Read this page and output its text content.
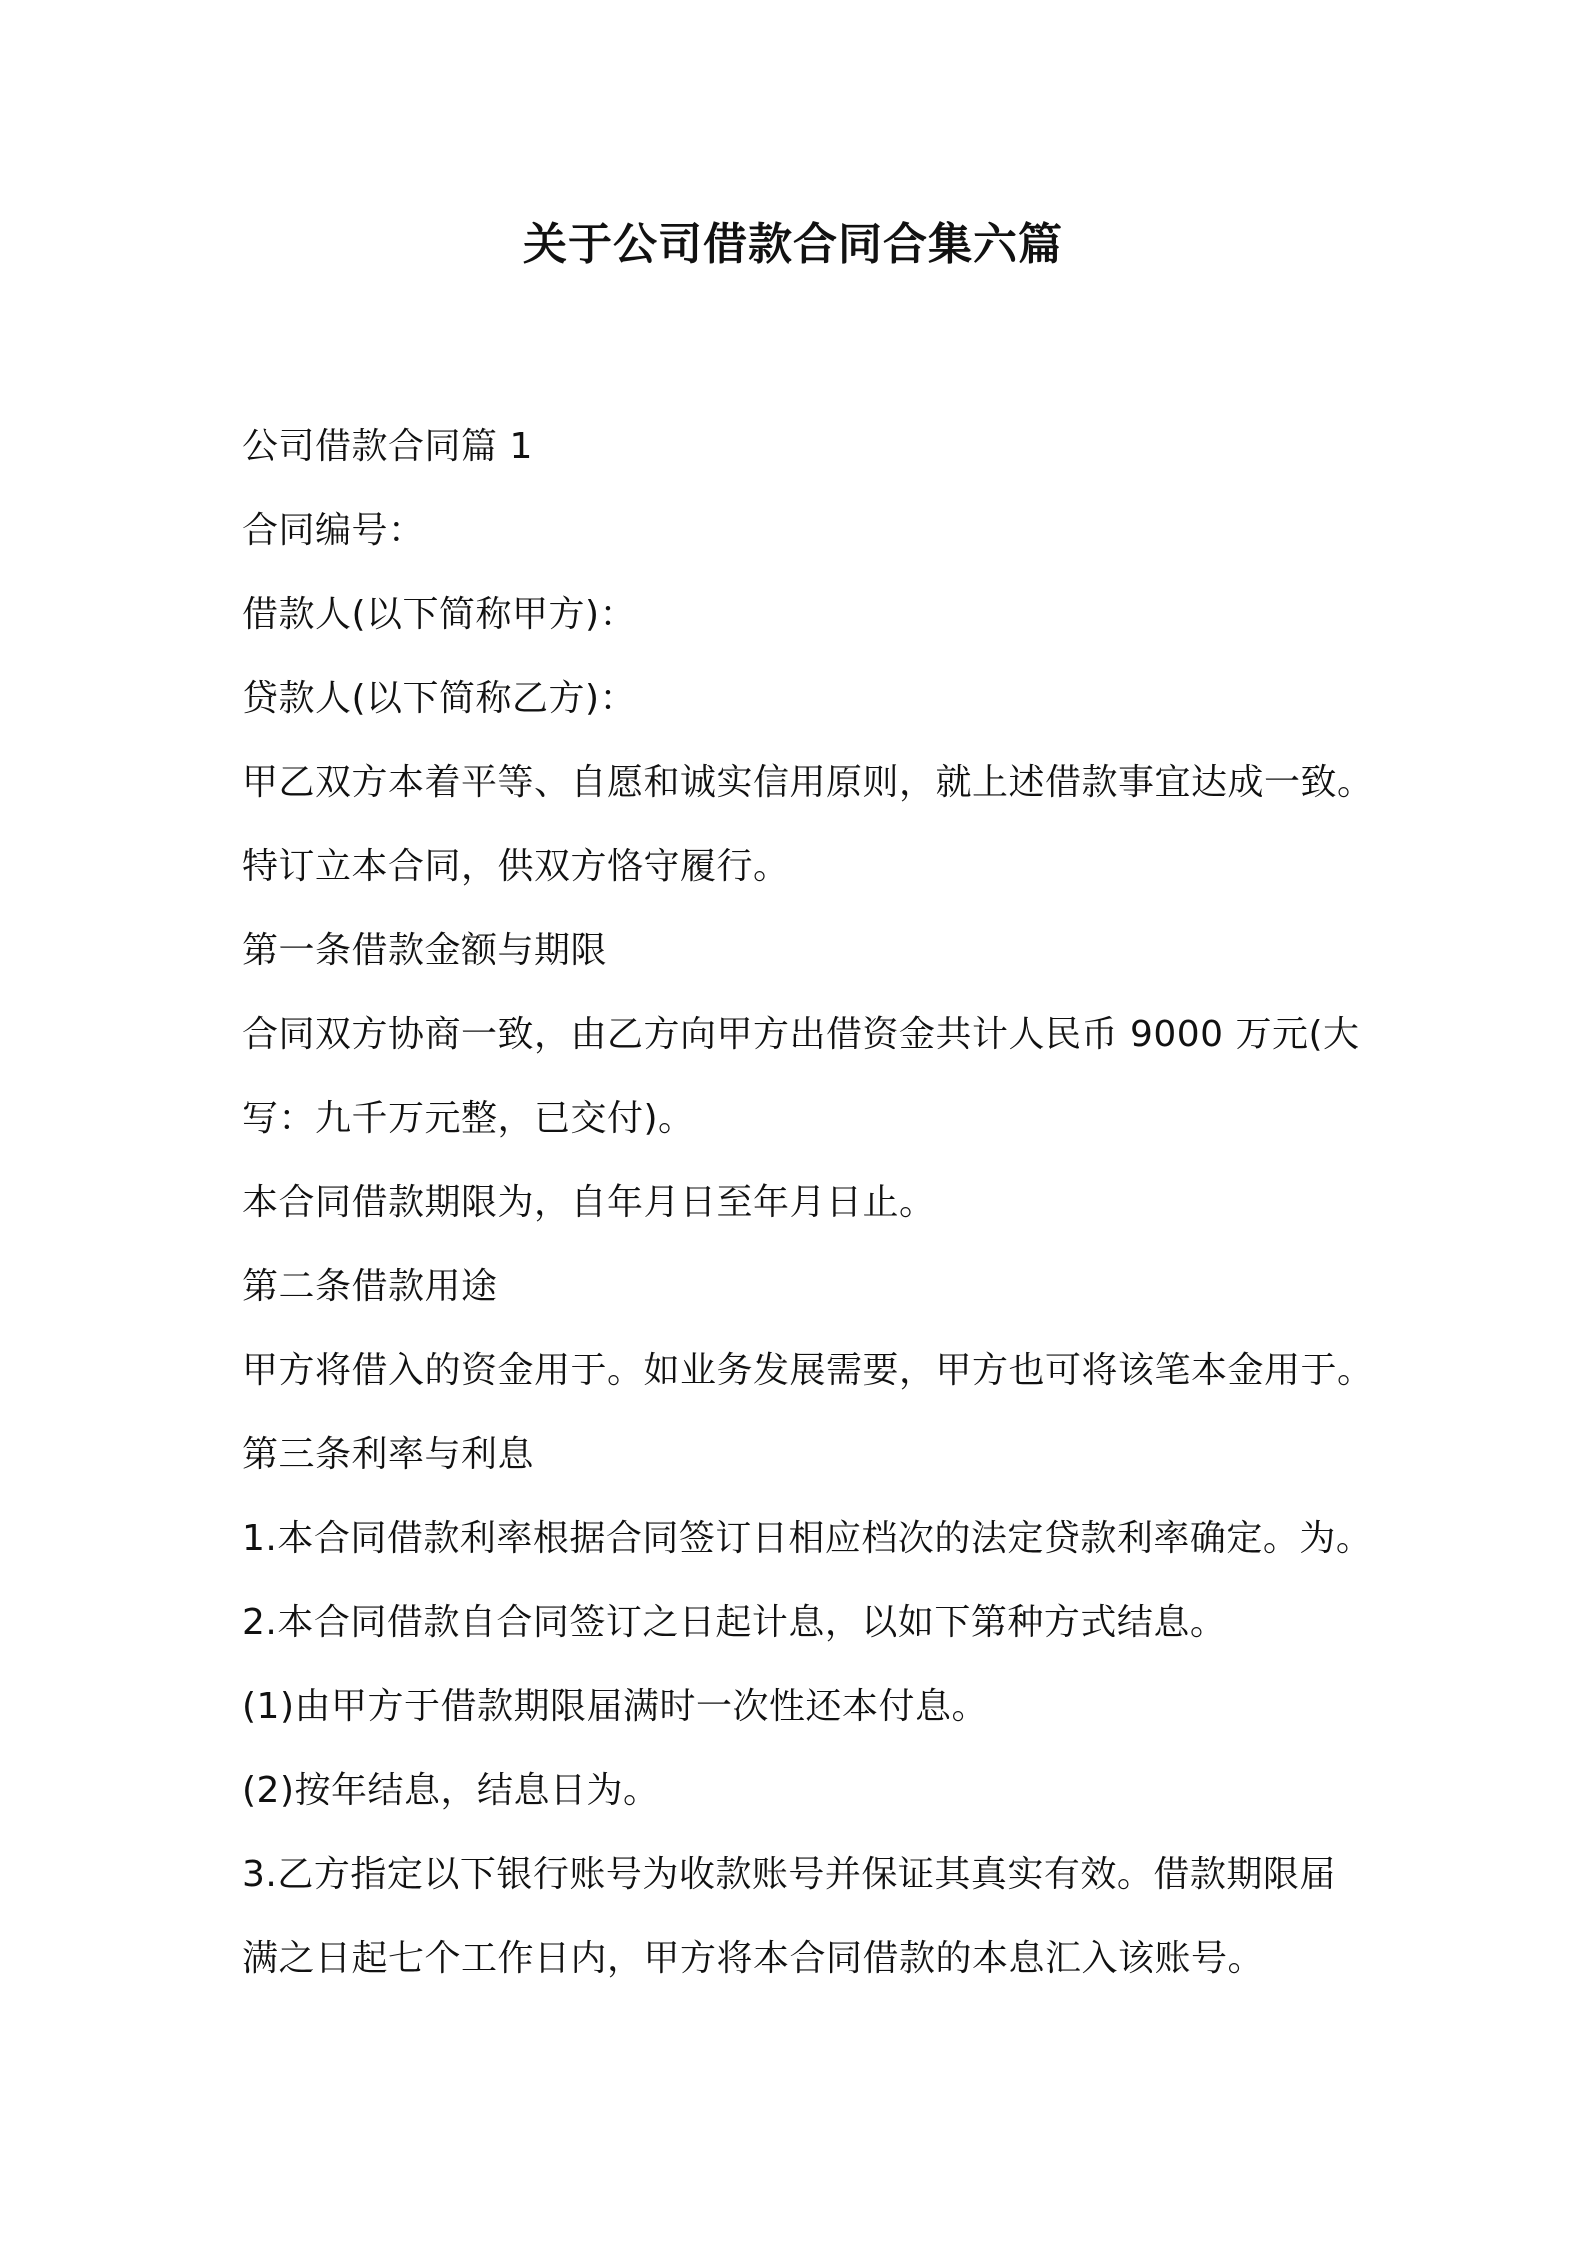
关于公司借款合同合集六篇

公司借款合同篇 1

合同编号：

借款人(以下简称甲方)：

贷款人(以下简称乙方)：

甲乙双方本着平等、自愿和诚实信用原则，就上述借款事宜达成一致。

特订立本合同，供双方恪守履行。

第一条借款金额与期限

合同双方协商一致，由乙方向甲方出借资金共计人民币 9000 万元(大

写：九千万元整，已交付)。

本合同借款期限为，自年月日至年月日止。

第二条借款用途

甲方将借入的资金用于。如业务发展需要，甲方也可将该笔本金用于。

第三条利率与利息

1.本合同借款利率根据合同签订日相应档次的法定贷款利率确定。为。

2.本合同借款自合同签订之日起计息，以如下第种方式结息。

(1)由甲方于借款期限届满时一次性还本付息。

(2)按年结息，结息日为。

3.乙方指定以下银行账号为收款账号并保证其真实有效。借款期限届

满之日起七个工作日内，甲方将本合同借款的本息汇入该账号。
